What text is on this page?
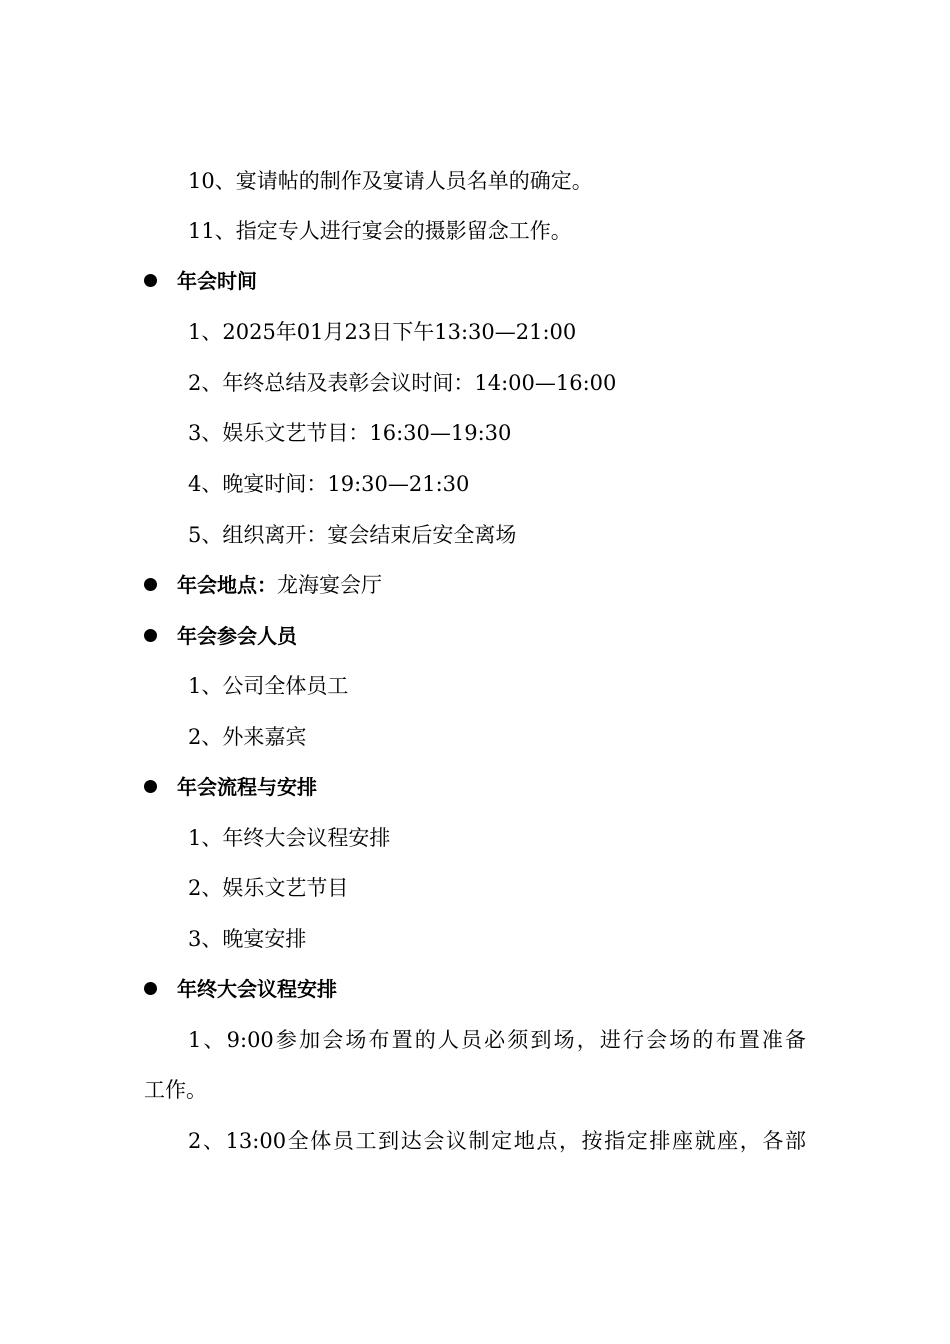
10、宴请帖的制作及宴请人员名单的确定。
11、指定专人进行宴会的摄影留念工作。
年会时间
1、2025年01月23日下午13:30—21:00
2、年终总结及表彰会议时间：14:00—16:00
3、娱乐文艺节目：16:30—19:30
4、晚宴时间：19:30—21:30
5、组织离开：宴会结束后安全离场
年会地点：龙海宴会厅
年会参会人员
1、公司全体员工
2、外来嘉宾
年会流程与安排
1、年终大会议程安排
2、娱乐文艺节目
3、晚宴安排
年终大会议程安排
1、9:00参加会场布置的人员必须到场，进行会场的布置准备
工作。
2、13:00全体员工到达会议制定地点，按指定排座就座，各部
